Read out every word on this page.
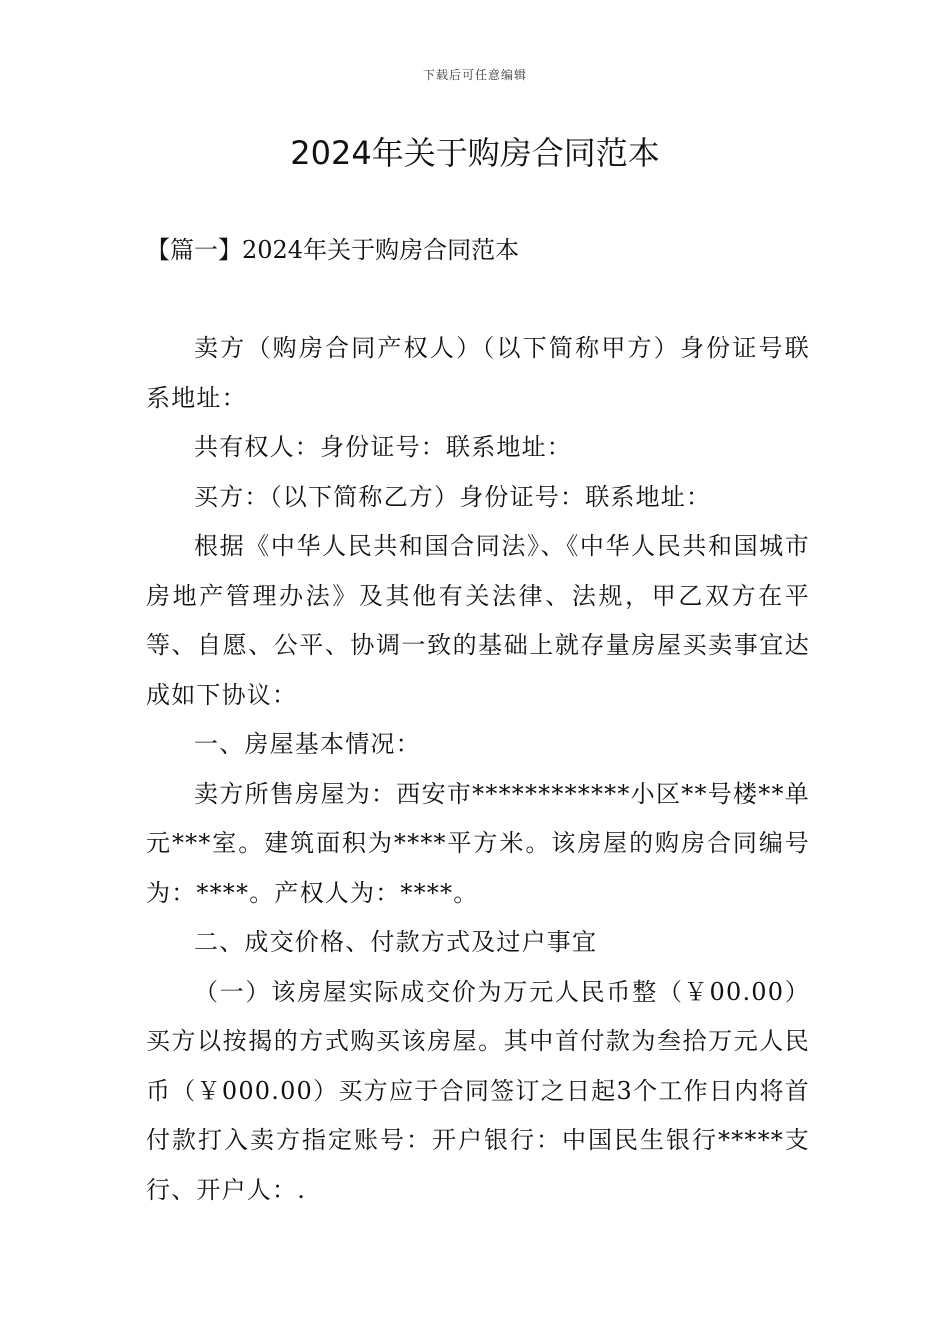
下载后可任意编辑
2024年关于购房合同范本
【篇一】2024年关于购房合同范本

卖方（购房合同产权人）（以下简称甲方）身份证号联系地址：

共有权人：身份证号：联系地址：

买方：（以下简称乙方）身份证号：联系地址：

根据《中华人民共和国合同法》、《中华人民共和国城市房地产管理办法》及其他有关法律、法规，甲乙双方在平等、自愿、公平、协调一致的基础上就存量房屋买卖事宜达成如下协议：

一、房屋基本情况：

卖方所售房屋为：西安市************小区**号楼**单元***室。建筑面积为****平方米。该房屋的购房合同编号为：****。产权人为：****。

二、成交价格、付款方式及过户事宜

（一）该房屋实际成交价为万元人民币整（￥00.00）买方以按揭的方式购买该房屋。其中首付款为叁拾万元人民币（￥000.00）买方应于合同签订之日起3个工作日内将首付款打入卖方指定账号：开户银行：中国民生银行*****支行、开户人：.
